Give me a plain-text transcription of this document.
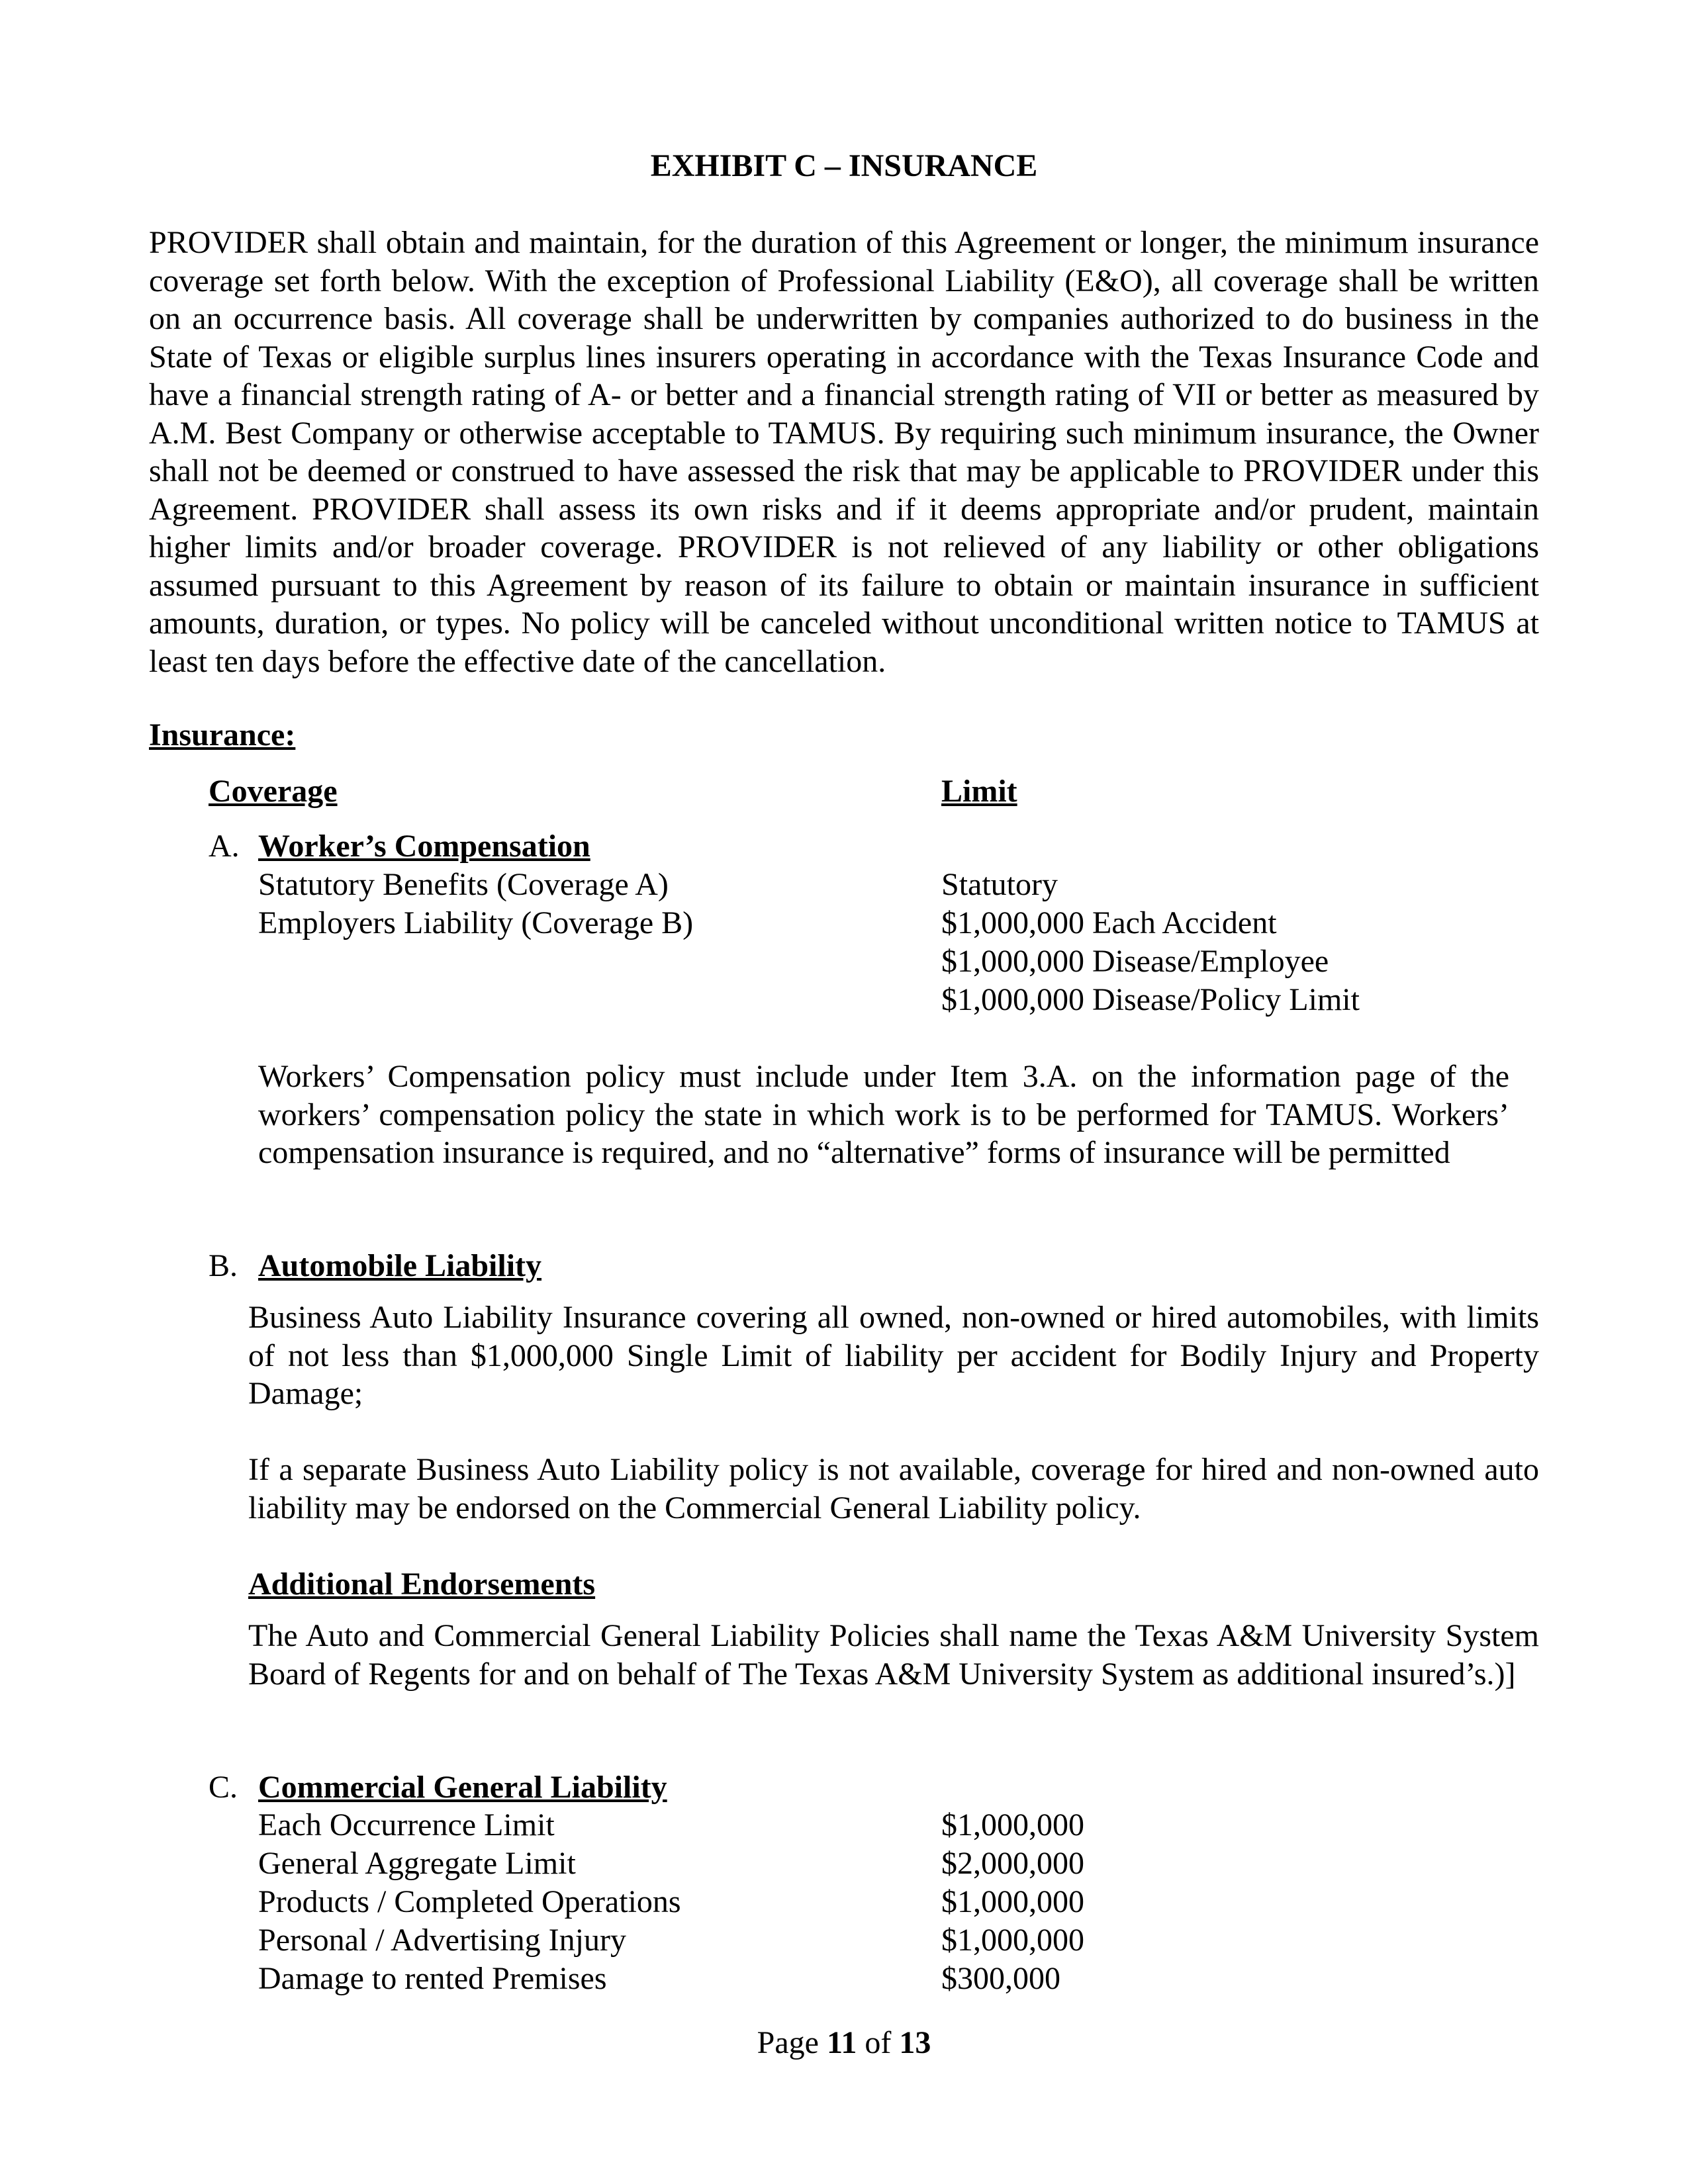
EXHIBIT C – INSURANCE

PROVIDER shall obtain and maintain, for the duration of this Agreement or longer, the minimum insurance coverage set forth below. With the exception of Professional Liability (E&O), all coverage shall be written on an occurrence basis. All coverage shall be underwritten by companies authorized to do business in the State of Texas or eligible surplus lines insurers operating in accordance with the Texas Insurance Code and have a financial strength rating of A- or better and a financial strength rating of VII or better as measured by A.M. Best Company or otherwise acceptable to TAMUS. By requiring such minimum insurance, the Owner shall not be deemed or construed to have assessed the risk that may be applicable to PROVIDER under this Agreement. PROVIDER shall assess its own risks and if it deems appropriate and/or prudent, maintain higher limits and/or broader coverage. PROVIDER is not relieved of any liability or other obligations assumed pursuant to this Agreement by reason of its failure to obtain or maintain insurance in sufficient amounts, duration, or types. No policy will be canceled without unconditional written notice to TAMUS at least ten days before the effective date of the cancellation.

Insurance:
Coverage	Limit
A. Worker’s Compensation
Statutory Benefits (Coverage A)	Statutory
Employers Liability (Coverage B)	$1,000,000 Each Accident
$1,000,000 Disease/Employee
$1,000,000 Disease/Policy Limit

Workers’ Compensation policy must include under Item 3.A. on the information page of the workers’ compensation policy the state in which work is to be performed for TAMUS. Workers’ compensation insurance is required, and no “alternative” forms of insurance will be permitted

B. Automobile Liability

Business Auto Liability Insurance covering all owned, non-owned or hired automobiles, with limits of not less than $1,000,000 Single Limit of liability per accident for Bodily Injury and Property Damage;

If a separate Business Auto Liability policy is not available, coverage for hired and non-owned auto liability may be endorsed on the Commercial General Liability policy.

Additional Endorsements

The Auto and Commercial General Liability Policies shall name the Texas A&M University System Board of Regents for and on behalf of The Texas A&M University System as additional insured’s.)]

C. Commercial General Liability
Each Occurrence Limit	$1,000,000
General Aggregate Limit	$2,000,000
Products / Completed Operations	$1,000,000
Personal / Advertising Injury	$1,000,000
Damage to rented Premises	$300,000
Page 11 of 13
